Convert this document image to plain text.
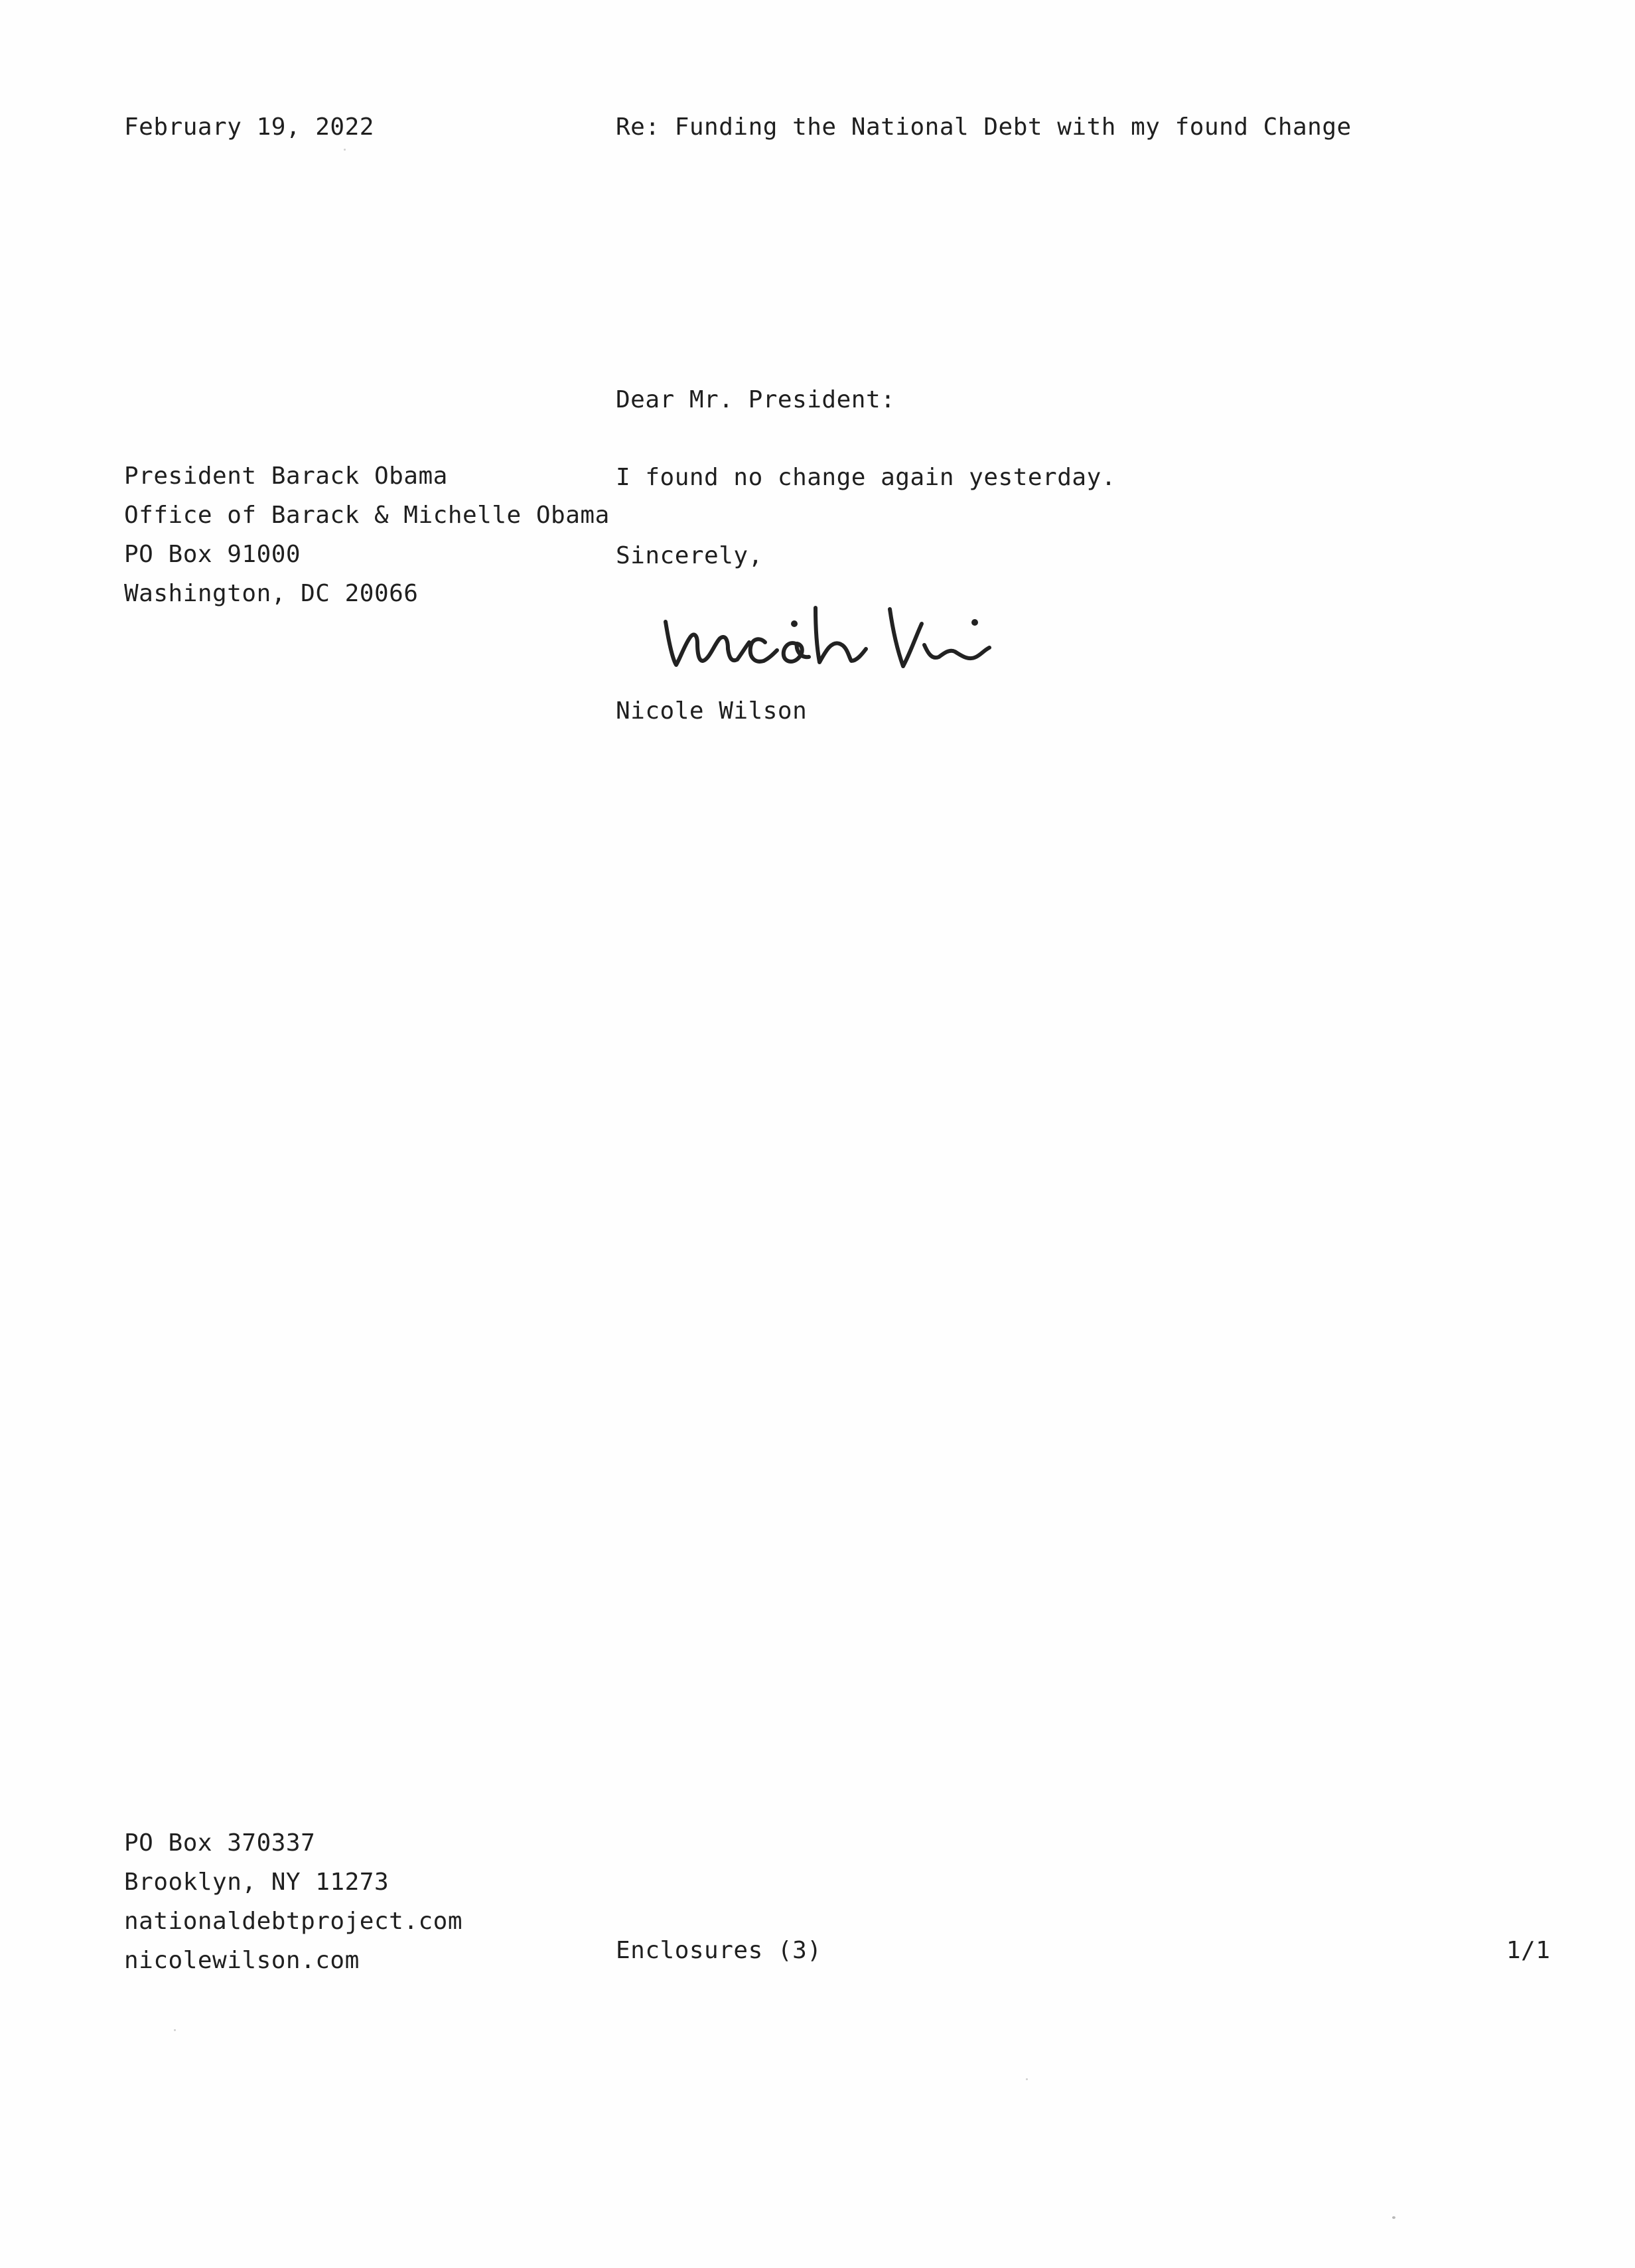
February 19, 2022	Re: Funding the National Debt with my found Change
Dear Mr. President:
President Barack Obama
Office of Barack & Michelle Obama
PO Box 91000
Washington, DC 20066
I found no change again yesterday.
Sincerely,
Nicole Wilson
PO Box 370337
Brooklyn, NY 11273
nationaldebtproject.com
nicolewilson.com	Enclosures (3)	1/1
